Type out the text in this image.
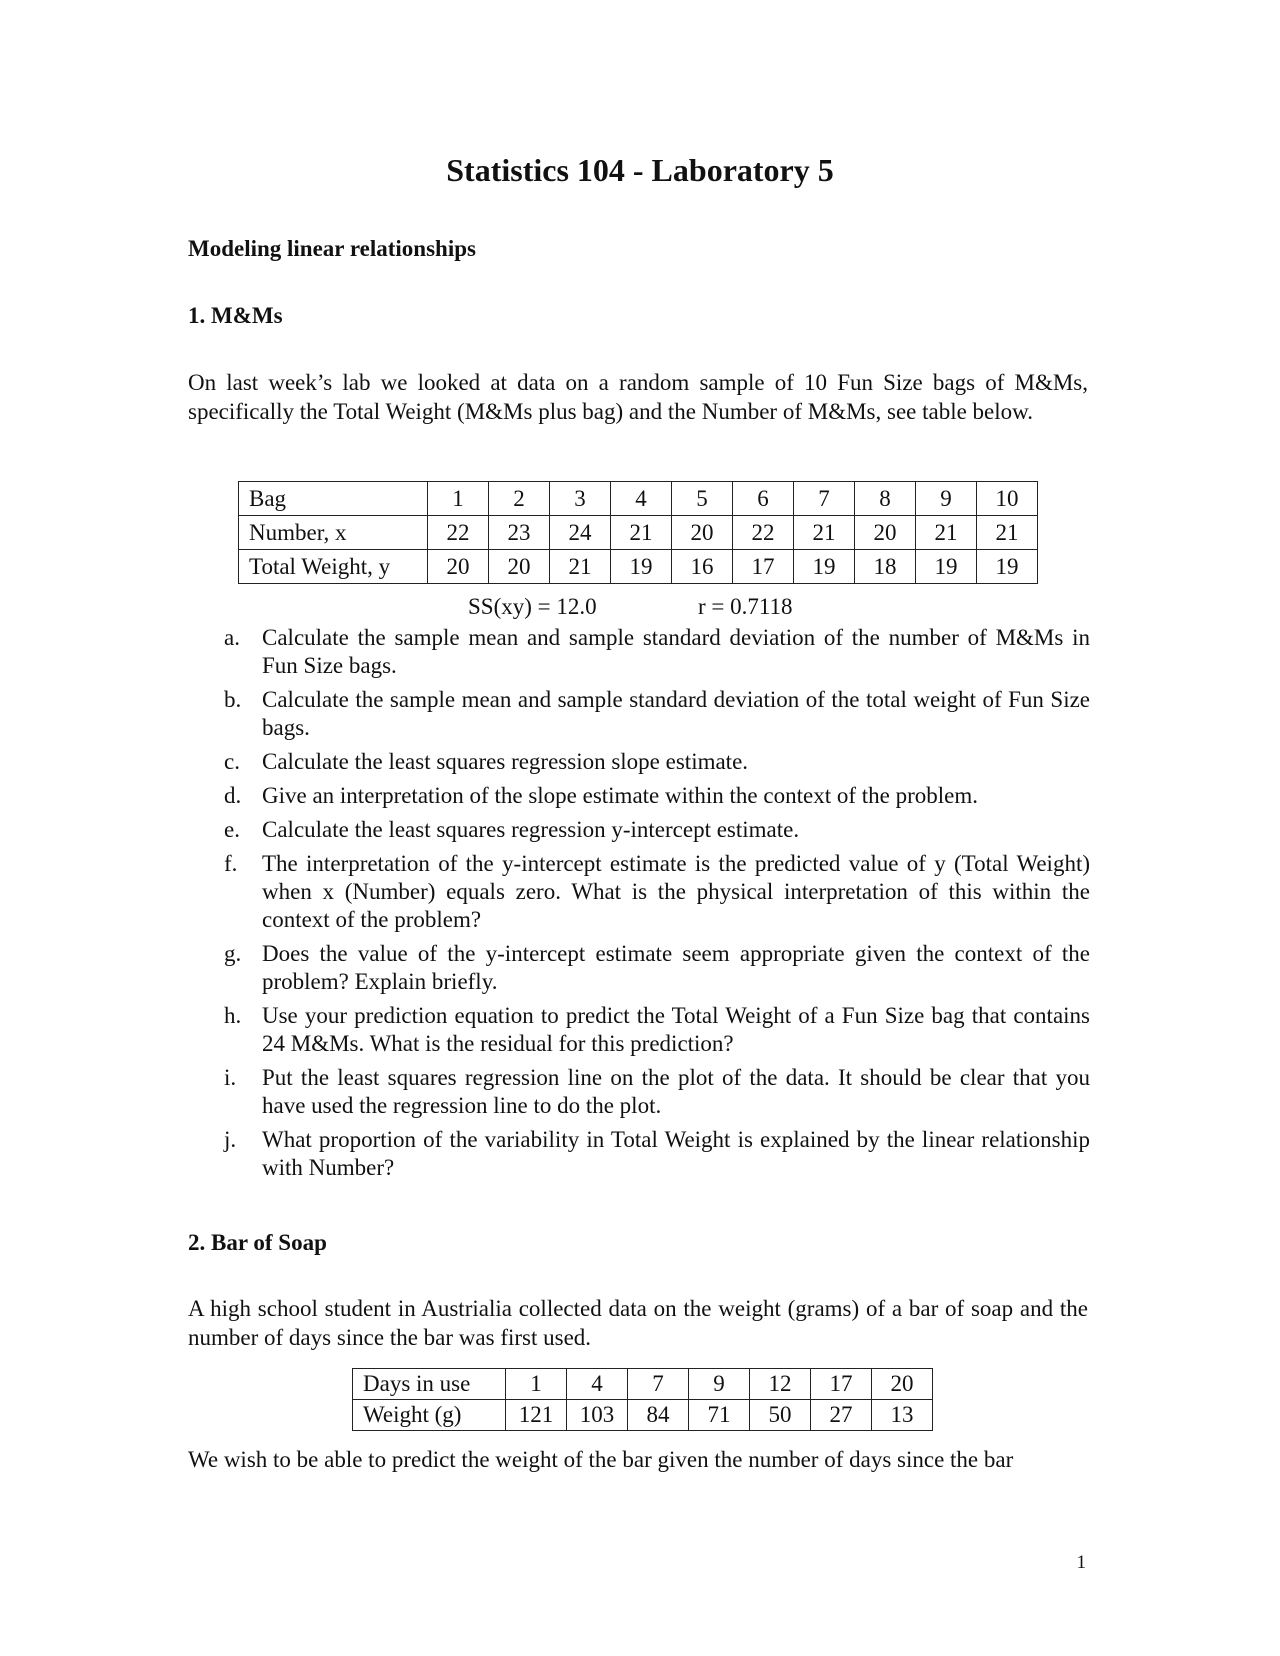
Statistics 104 - Laboratory 5
Modeling linear relationships
1. M&Ms
On last week’s lab we looked at data on a random sample of 10 Fun Size bags of M&Ms, specifically the Total Weight (M&Ms plus bag) and the Number of M&Ms, see table below.
Bag	1	2	3	4	5	6	7	8	9	10
Number, x	22	23	24	21	20	22	21	20	21	21
Total Weight, y	20	20	21	19	16	17	19	18	19	19
SS(xy) = 12.0	r = 0.7118
a. Calculate the sample mean and sample standard deviation of the number of M&Ms in Fun Size bags.
b. Calculate the sample mean and sample standard deviation of the total weight of Fun Size bags.
c. Calculate the least squares regression slope estimate.
d. Give an interpretation of the slope estimate within the context of the problem.
e. Calculate the least squares regression y-intercept estimate.
f. The interpretation of the y-intercept estimate is the predicted value of y (Total Weight) when x (Number) equals zero. What is the physical interpretation of this within the context of the problem?
g. Does the value of the y-intercept estimate seem appropriate given the context of the problem? Explain briefly.
h. Use your prediction equation to predict the Total Weight of a Fun Size bag that contains 24 M&Ms. What is the residual for this prediction?
i. Put the least squares regression line on the plot of the data. It should be clear that you have used the regression line to do the plot.
j. What proportion of the variability in Total Weight is explained by the linear relationship with Number?
2. Bar of Soap
A high school student in Austrialia collected data on the weight (grams) of a bar of soap and the number of days since the bar was first used.
Days in use	1	4	7	9	12	17	20
Weight (g)	121	103	84	71	50	27	13
We wish to be able to predict the weight of the bar given the number of days since the bar
1
